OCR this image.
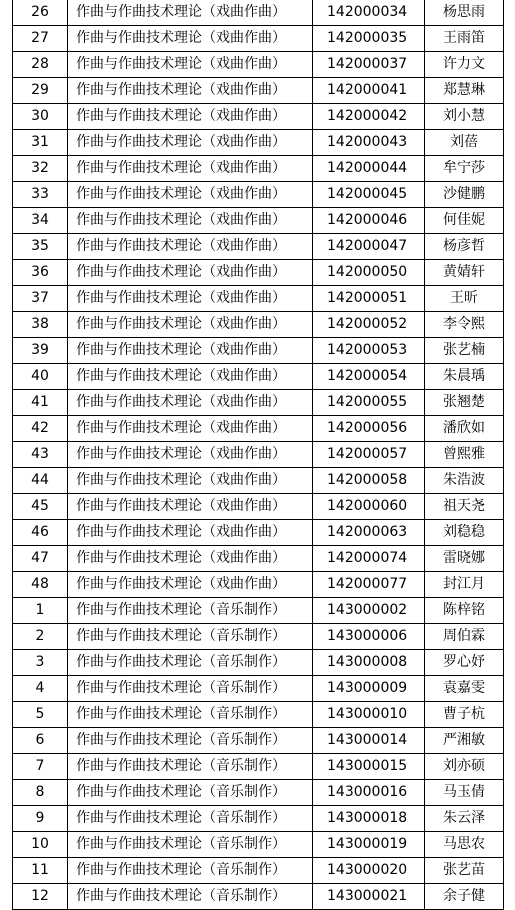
26	作曲与作曲技术理论（戏曲作曲）	142000034	杨思雨
27	作曲与作曲技术理论（戏曲作曲）	142000035	王雨笛
28	作曲与作曲技术理论（戏曲作曲）	142000037	许力文
29	作曲与作曲技术理论（戏曲作曲）	142000041	郑慧琳
30	作曲与作曲技术理论（戏曲作曲）	142000042	刘小慧
31	作曲与作曲技术理论（戏曲作曲）	142000043	刘蓓
32	作曲与作曲技术理论（戏曲作曲）	142000044	牟宁莎
33	作曲与作曲技术理论（戏曲作曲）	142000045	沙健鹏
34	作曲与作曲技术理论（戏曲作曲）	142000046	何佳妮
35	作曲与作曲技术理论（戏曲作曲）	142000047	杨彦哲
36	作曲与作曲技术理论（戏曲作曲）	142000050	黄婧轩
37	作曲与作曲技术理论（戏曲作曲）	142000051	王昕
38	作曲与作曲技术理论（戏曲作曲）	142000052	李令熙
39	作曲与作曲技术理论（戏曲作曲）	142000053	张艺楠
40	作曲与作曲技术理论（戏曲作曲）	142000054	朱晨瑀
41	作曲与作曲技术理论（戏曲作曲）	142000055	张翘楚
42	作曲与作曲技术理论（戏曲作曲）	142000056	潘欣如
43	作曲与作曲技术理论（戏曲作曲）	142000057	曾熙雅
44	作曲与作曲技术理论（戏曲作曲）	142000058	朱浩波
45	作曲与作曲技术理论（戏曲作曲）	142000060	祖天尧
46	作曲与作曲技术理论（戏曲作曲）	142000063	刘稳稳
47	作曲与作曲技术理论（戏曲作曲）	142000074	雷晓娜
48	作曲与作曲技术理论（戏曲作曲）	142000077	封江月
1	作曲与作曲技术理论（音乐制作）	143000002	陈梓铭
2	作曲与作曲技术理论（音乐制作）	143000006	周伯霖
3	作曲与作曲技术理论（音乐制作）	143000008	罗心妤
4	作曲与作曲技术理论（音乐制作）	143000009	袁嘉雯
5	作曲与作曲技术理论（音乐制作）	143000010	曹子杭
6	作曲与作曲技术理论（音乐制作）	143000014	严湘敏
7	作曲与作曲技术理论（音乐制作）	143000015	刘亦硕
8	作曲与作曲技术理论（音乐制作）	143000016	马玉倩
9	作曲与作曲技术理论（音乐制作）	143000018	朱云泽
10	作曲与作曲技术理论（音乐制作）	143000019	马思农
11	作曲与作曲技术理论（音乐制作）	143000020	张艺苗
12	作曲与作曲技术理论（音乐制作）	143000021	余子健
